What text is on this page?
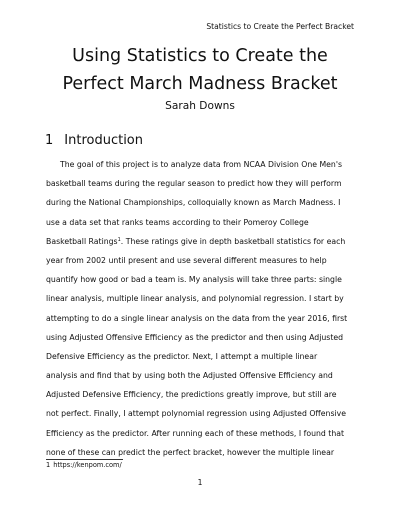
Statistics to Create the Perfect Bracket
Using Statistics to Create the
Perfect March Madness Bracket
Sarah Downs
1 Introduction
The goal of this project is to analyze data from NCAA Division One Men's
basketball teams during the regular season to predict how they will perform
during the National Championships, colloquially known as March Madness. I
use a data set that ranks teams according to their Pomeroy College
Basketball Ratings$^1$. These ratings give in depth basketball statistics for each
year from 2002 until present and use several different measures to help
quantify how good or bad a team is. My analysis will take three parts: single
linear analysis, multiple linear analysis, and polynomial regression. I start by
attempting to do a single linear analysis on the data from the year 2016, first
using Adjusted Offensive Efficiency as the predictor and then using Adjusted
Defensive Efficiency as the predictor. Next, I attempt a multiple linear
analysis and find that by using both the Adjusted Offensive Efficiency and
Adjusted Defensive Efficiency, the predictions greatly improve, but still are
not perfect. Finally, I attempt polynomial regression using Adjusted Offensive
Efficiency as the predictor. After running each of these methods, I found that
none of these can predict the perfect bracket, however the multiple linear
1 https://kenpom.com/
1
